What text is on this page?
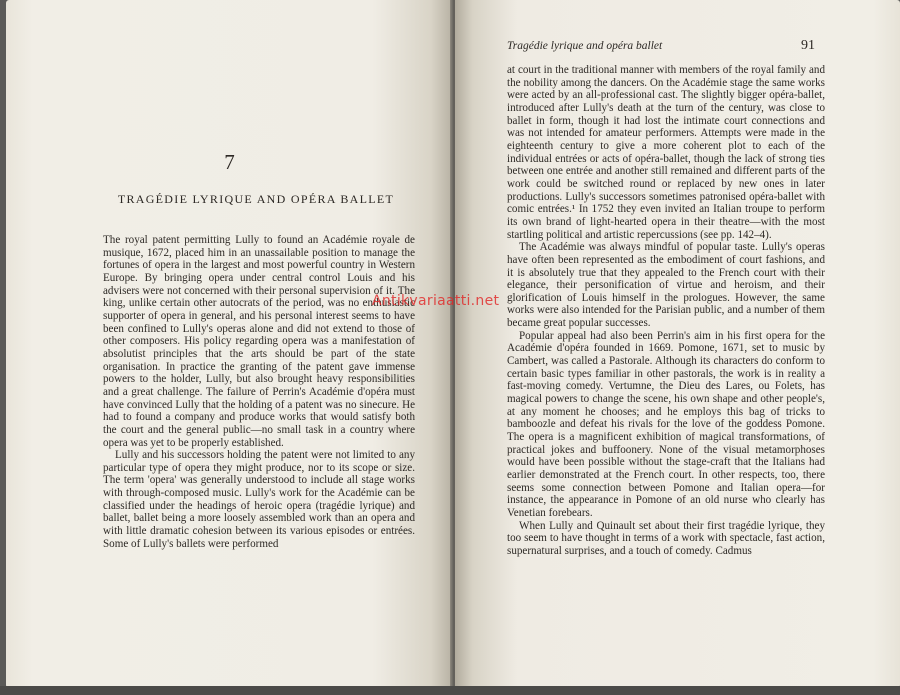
7
TRAGÉDIE LYRIQUE AND OPÉRA BALLET

The royal patent permitting Lully to found an Académie royale de musique, 1672, placed him in an unassailable position to manage the fortunes of opera in the largest and most powerful country in Western Europe. By bringing opera under central control Louis and his advisers were not concerned with their personal supervision of it. The king, unlike certain other autocrats of the period, was no enthusiastic supporter of opera in general, and his personal interest seems to have been confined to Lully's operas alone and did not extend to those of other composers. His policy regarding opera was a manifestation of absolutist principles that the arts should be part of the state organisation. In practice the granting of the patent gave immense powers to the holder, Lully, but also brought heavy responsibilities and a great challenge. The failure of Perrin's Académie d'opéra must have convinced Lully that the holding of a patent was no sinecure. He had to found a company and produce works that would satisfy both the court and the general public—no small task in a country where opera was yet to be properly established.

Lully and his successors holding the patent were not limited to any particular type of opera they might produce, nor to its scope or size. The term 'opera' was generally understood to include all stage works with through-composed music. Lully's work for the Académie can be classified under the headings of heroic opera (tragédie lyrique) and ballet, ballet being a more loosely assembled work than an opera and with little dramatic cohesion between its various episodes or entrées. Some of Lully's ballets were performed

Tragédie lyrique and opéra ballet	91

at court in the traditional manner with members of the royal family and the nobility among the dancers. On the Académie stage the same works were acted by an all-professional cast. The slightly bigger opéra-ballet, introduced after Lully's death at the turn of the century, was close to ballet in form, though it had lost the intimate court connections and was not intended for amateur performers. Attempts were made in the eighteenth century to give a more coherent plot to each of the individual entrées or acts of opéra-ballet, though the lack of strong ties between one entrée and another still remained and different parts of the work could be switched round or replaced by new ones in later productions. Lully's successors sometimes patronised opéra-ballet with comic entrées.¹ In 1752 they even invited an Italian troupe to perform its own brand of light-hearted opera in their theatre—with the most startling political and artistic repercussions (see pp. 142–4).

The Académie was always mindful of popular taste. Lully's operas have often been represented as the embodiment of court fashions, and it is absolutely true that they appealed to the French court with their elegance, their personification of virtue and heroism, and their glorification of Louis himself in the prologues. However, the same works were also intended for the Parisian public, and a number of them became great popular successes.

Popular appeal had also been Perrin's aim in his first opera for the Académie d'opéra founded in 1669. Pomone, 1671, set to music by Cambert, was called a Pastorale. Although its characters do conform to certain basic types familiar in other pastorals, the work is in reality a fast-moving comedy. Vertumne, the Dieu des Lares, ou Folets, has magical powers to change the scene, his own shape and other people's, at any moment he chooses; and he employs this bag of tricks to bamboozle and defeat his rivals for the love of the goddess Pomone. The opera is a magnificent exhibition of magical transformations, of practical jokes and buffoonery. None of the visual metamorphoses would have been possible without the stage-craft that the Italians had earlier demonstrated at the French court. In other respects, too, there seems some connection between Pomone and Italian opera—for instance, the appearance in Pomone of an old nurse who clearly has Venetian forebears.

When Lully and Quinault set about their first tragédie lyrique, they too seem to have thought in terms of a work with spectacle, fast action, supernatural surprises, and a touch of comedy. Cadmus

Antikvariaatti.net
